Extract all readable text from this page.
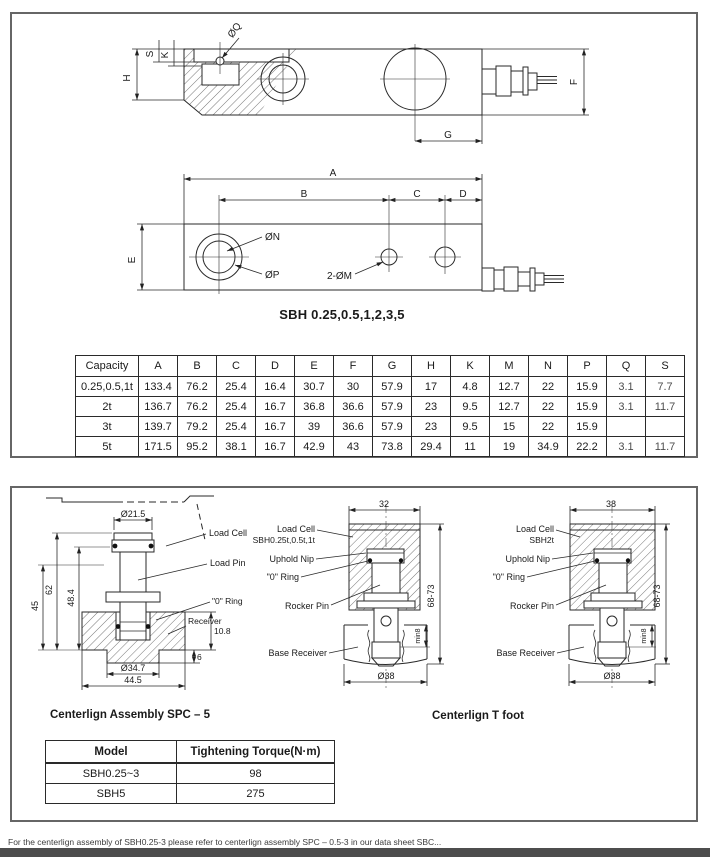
H
S K
ØQ
F
G
A
B	C	D
E
ØN
ØP	2-ØM
SBH 0.25,0.5,1,2,3,5
Capacity	A	B	C	D	E	F	G	H	K	M	N	P	Q	S
0.25,0.5,1t	133.4	76.2	25.4	16.4	30.7	30	57.9	17	4.8	12.7	22	15.9	3.1	7.7
2t	136.7	76.2	25.4	16.7	36.8	36.6	57.9	23	9.5	12.7	22	15.9	3.1	11.7
3t	139.7	79.2	25.4	16.7	39	36.6	57.9	23	9.5	15	22	15.9		
5t	171.5	95.2	38.1	16.7	42.9	43	73.8	29.4	11	19	34.9	22.2	3.1	11.7
Ø21.5
62 48.4
45
10.8
6
Ø34.7
44.5
Load Cell
Load Pin
"0" Ring
Receiver
32
68-73
min8
Ø38
Load Cell
SBH0.25t,0.5t,1t
Uphold Nip
"0" Ring
Rocker Pin
Base Receiver
38
68-73
min8
Ø38
Load Cell
SBH2t
Uphold Nip
"0" Ring
Rocker Pin
Base Receiver
Centerlign Assembly SPC – 5	Centerlign T foot
Model	Tightening Torque(N·m)
SBH0.25~3	98
SBH5	275
For the centerlign assembly of SBH0.25-3 please refer to centerlign assembly SPC – 0.5-3 in our data sheet SBC...
